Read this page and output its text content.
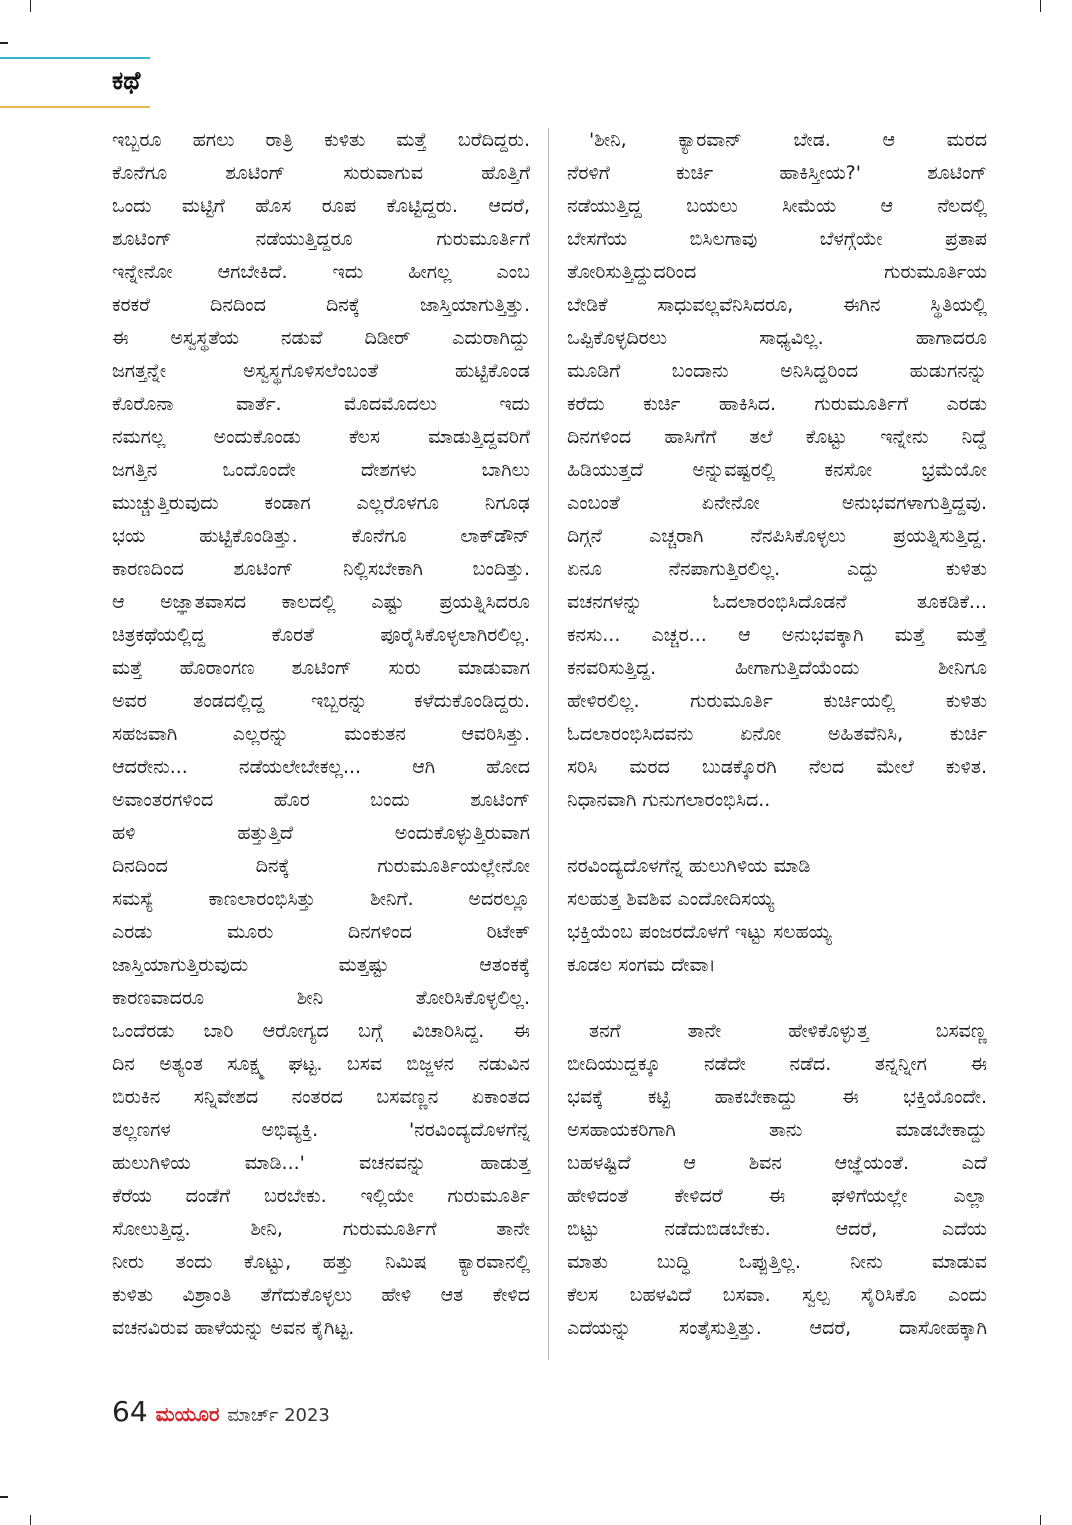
ಕಥೆ
ಇಬ್ಬರೂ ಹಗಲು ರಾತ್ರಿ ಕುಳಿತು ಮತ್ತೆ ಬರೆದಿದ್ದರು.
ಕೊನೆಗೂ ಶೂಟಿಂಗ್ ಸುರುವಾಗುವ ಹೊತ್ತಿಗೆ
ಒಂದು ಮಟ್ಟಿಗೆ ಹೊಸ ರೂಪ ಕೊಟ್ಟಿದ್ದರು. ಆದರೆ,
ಶೂಟಿಂಗ್ ನಡೆಯುತ್ತಿದ್ದರೂ ಗುರುಮೂರ್ತಿಗೆ
ಇನ್ನೇನೋ ಆಗಬೇಕಿದೆ. ಇದು ಹೀಗಲ್ಲ ಎಂಬ
ಕರಕರೆ ದಿನದಿಂದ ದಿನಕ್ಕೆ ಜಾಸ್ತಿಯಾಗುತ್ತಿತ್ತು.
ಈ ಅಸ್ವಸ್ಥತೆಯ ನಡುವೆ ದಿಡೀರ್ ಎದುರಾಗಿದ್ದು
ಜಗತ್ತನ್ನೇ ಅಸ್ವಸ್ಥಗೊಳಿಸಲೆಂಬಂತೆ ಹುಟ್ಟಿಕೊಂಡ
ಕೊರೊನಾ ವಾರ್ತೆ. ಮೊದಮೊದಲು ಇದು
ನಮಗಲ್ಲ ಅಂದುಕೊಂಡು ಕೆಲಸ ಮಾಡುತ್ತಿದ್ದವರಿಗೆ
ಜಗತ್ತಿನ ಒಂದೊಂದೇ ದೇಶಗಳು ಬಾಗಿಲು
ಮುಚ್ಚುತ್ತಿರುವುದು ಕಂಡಾಗ ಎಲ್ಲರೊಳಗೂ ನಿಗೂಢ
ಭಯ ಹುಟ್ಟಿಕೊಂಡಿತ್ತು. ಕೊನೆಗೂ ಲಾಕ್‌ಡೌನ್
ಕಾರಣದಿಂದ ಶೂಟಿಂಗ್ ನಿಲ್ಲಿಸಬೇಕಾಗಿ ಬಂದಿತ್ತು.
ಆ ಅಜ್ಞಾತವಾಸದ ಕಾಲದಲ್ಲಿ ಎಷ್ಟು ಪ್ರಯತ್ನಿಸಿದರೂ
ಚಿತ್ರಕಥೆಯಲ್ಲಿದ್ದ ಕೊರತೆ ಪೂರೈಸಿಕೊಳ್ಳಲಾಗಿರಲಿಲ್ಲ.
ಮತ್ತೆ ಹೊರಾಂಗಣ ಶೂಟಿಂಗ್ ಸುರು ಮಾಡುವಾಗ
ಅವರ ತಂಡದಲ್ಲಿದ್ದ ಇಬ್ಬರನ್ನು ಕಳೆದುಕೊಂಡಿದ್ದರು.
ಸಹಜವಾಗಿ ಎಲ್ಲರನ್ನು ಮಂಕುತನ ಆವರಿಸಿತ್ತು.
ಆದರೇನು... ನಡೆಯಲೇಬೇಕಲ್ಲ... ಆಗಿ ಹೋದ
ಅವಾಂತರಗಳಿಂದ ಹೊರ ಬಂದು ಶೂಟಿಂಗ್
ಹಳಿ ಹತ್ತುತ್ತಿದೆ ಅಂದುಕೊಳ್ಳುತ್ತಿರುವಾಗ
ದಿನದಿಂದ ದಿನಕ್ಕೆ ಗುರುಮೂರ್ತಿಯಲ್ಲೇನೋ
ಸಮಸ್ಯೆ ಕಾಣಲಾರಂಭಿಸಿತ್ತು ಶೀನಿಗೆ. ಅದರಲ್ಲೂ
ಎರಡು ಮೂರು ದಿನಗಳಿಂದ ರಿಟೇಕ್
ಜಾಸ್ತಿಯಾಗುತ್ತಿರುವುದು ಮತ್ತಷ್ಟು ಆತಂಕಕ್ಕೆ
ಕಾರಣವಾದರೂ ಶೀನಿ ತೋರಿಸಿಕೊಳ್ಳಲಿಲ್ಲ.
ಒಂದೆರಡು ಬಾರಿ ಆರೋಗ್ಯದ ಬಗ್ಗೆ ವಿಚಾರಿಸಿದ್ದ. ಈ
ದಿನ ಅತ್ಯಂತ ಸೂಕ್ಷ್ಮ ಘಟ್ಟ. ಬಸವ ಬಿಜ್ಜಳನ ನಡುವಿನ
ಬಿರುಕಿನ ಸನ್ನಿವೇಶದ ನಂತರದ ಬಸವಣ್ಣನ ಏಕಾಂತದ
ತಲ್ಲಣಗಳ ಅಭಿವ್ಯಕ್ತಿ. 'ನರವಿಂದ್ಯದೊಳಗೆನ್ನ
ಹುಲುಗಿಳಿಯ ಮಾಡಿ...' ವಚನವನ್ನು ಹಾಡುತ್ತ
ಕೆರೆಯ ದಂಡೆಗೆ ಬರಬೇಕು. ಇಲ್ಲಿಯೇ ಗುರುಮೂರ್ತಿ
ಸೋಲುತ್ತಿದ್ದ. ಶೀನಿ, ಗುರುಮೂರ್ತಿಗೆ ತಾನೇ
ನೀರು ತಂದು ಕೊಟ್ಟು, ಹತ್ತು ನಿಮಿಷ ಕ್ಯಾರವಾನಲ್ಲಿ
ಕುಳಿತು ವಿಶ್ರಾಂತಿ ತೆಗೆದುಕೊಳ್ಳಲು ಹೇಳಿ ಆತ ಕೇಳಿದ
ವಚನವಿರುವ ಹಾಳೆಯನ್ನು ಅವನ ಕೈಗಿಟ್ಟ.
'ಶೀನಿ, ಕ್ಯಾರವಾನ್ ಬೇಡ. ಆ ಮರದ
ನೆರಳಿಗೆ ಕುರ್ಚಿ ಹಾಕಿಸ್ತೀಯ?' ಶೂಟಿಂಗ್
ನಡೆಯುತ್ತಿದ್ದ ಬಯಲು ಸೀಮೆಯ ಆ ನೆಲದಲ್ಲಿ
ಬೇಸಗೆಯ ಬಿಸಿಲಗಾವು ಬೆಳಗ್ಗೆಯೇ ಪ್ರತಾಪ
ತೋರಿಸುತ್ತಿದ್ದುದರಿಂದ ಗುರುಮೂರ್ತಿಯ
ಬೇಡಿಕೆ ಸಾಧುವಲ್ಲವೆನಿಸಿದರೂ, ಈಗಿನ ಸ್ಥಿತಿಯಲ್ಲಿ
ಒಪ್ಪಿಕೊಳ್ಳದಿರಲು ಸಾಧ್ಯವಿಲ್ಲ. ಹಾಗಾದರೂ
ಮೂಡಿಗೆ ಬಂದಾನು ಅನಿಸಿದ್ದರಿಂದ ಹುಡುಗನನ್ನು
ಕರೆದು ಕುರ್ಚಿ ಹಾಕಿಸಿದ. ಗುರುಮೂರ್ತಿಗೆ ಎರಡು
ದಿನಗಳಿಂದ ಹಾಸಿಗೆಗೆ ತಲೆ ಕೊಟ್ಟು ಇನ್ನೇನು ನಿದ್ದೆ
ಹಿಡಿಯುತ್ತದೆ ಅನ್ನುವಷ್ಟರಲ್ಲಿ ಕನಸೋ ಭ್ರಮೆಯೋ
ಎಂಬಂತೆ ಏನೇನೋ ಅನುಭವಗಳಾಗುತ್ತಿದ್ದವು.
ದಿಗ್ಗನೆ ಎಚ್ಚರಾಗಿ ನೆನಪಿಸಿಕೊಳ್ಳಲು ಪ್ರಯತ್ನಿಸುತ್ತಿದ್ದ.
ಏನೂ ನೆನಪಾಗುತ್ತಿರಲಿಲ್ಲ. ಎದ್ದು ಕುಳಿತು
ವಚನಗಳನ್ನು ಓದಲಾರಂಭಿಸಿದೊಡನೆ ತೂಕಡಿಕೆ...
ಕನಸು... ಎಚ್ಚರ... ಆ ಅನುಭವಕ್ಕಾಗಿ ಮತ್ತೆ ಮತ್ತೆ
ಕನವರಿಸುತ್ತಿದ್ದ. ಹೀಗಾಗುತ್ತಿದೆಯೆಂದು ಶೀನಿಗೂ
ಹೇಳಿರಲಿಲ್ಲ. ಗುರುಮೂರ್ತಿ ಕುರ್ಚಿಯಲ್ಲಿ ಕುಳಿತು
ಓದಲಾರಂಭಿಸಿದವನು ಏನೋ ಅಹಿತವೆನಿಸಿ, ಕುರ್ಚಿ
ಸರಿಸಿ ಮರದ ಬುಡಕ್ಕೊರಗಿ ನೆಲದ ಮೇಲೆ ಕುಳಿತ.
ನಿಧಾನವಾಗಿ ಗುನುಗಲಾರಂಭಿಸಿದ..
ನರವಿಂದ್ಯದೊಳಗೆನ್ನ ಹುಲುಗಿಳಿಯ ಮಾಡಿ
ಸಲಹುತ್ತ ಶಿವಶಿವ ಎಂದೋದಿಸಯ್ಯ
ಭಕ್ತಿಯೆಂಬ ಪಂಜರದೊಳಗೆ ಇಟ್ಟು ಸಲಹಯ್ಯ
ಕೂಡಲ ಸಂಗಮ ದೇವಾ।
ತನಗೆ ತಾನೇ ಹೇಳಿಕೊಳ್ಳುತ್ತ ಬಸವಣ್ಣ
ಬೀದಿಯುದ್ದಕ್ಕೂ ನಡೆದೇ ನಡೆದ. ತನ್ನನ್ನೀಗ ಈ
ಭವಕ್ಕೆ ಕಟ್ಟಿ ಹಾಕಬೇಕಾದ್ದು ಈ ಭಕ್ತಿಯೊಂದೇ.
ಅಸಹಾಯಕರಿಗಾಗಿ ತಾನು ಮಾಡಬೇಕಾದ್ದು
ಬಹಳಷ್ಟಿದೆ ಆ ಶಿವನ ಆಜ್ಞೆಯಂತೆ. ಎದೆ
ಹೇಳಿದಂತೆ ಕೇಳಿದರೆ ಈ ಘಳಿಗೆಯಲ್ಲೇ ಎಲ್ಲಾ
ಬಿಟ್ಟು ನಡೆದುಬಿಡಬೇಕು. ಆದರೆ, ಎದೆಯ
ಮಾತು ಬುದ್ಧಿ ಒಪ್ಪುತ್ತಿಲ್ಲ. ನೀನು ಮಾಡುವ
ಕೆಲಸ ಬಹಳವಿದೆ ಬಸವಾ. ಸ್ವಲ್ಪ ಸೈರಿಸಿಕೊ ಎಂದು
ಎದೆಯನ್ನು ಸಂತೈಸುತ್ತಿತ್ತು. ಆದರೆ, ದಾಸೋಹಕ್ಕಾಗಿ
64 ಮಯೂರ ಮಾರ್ಚ್ 2023
